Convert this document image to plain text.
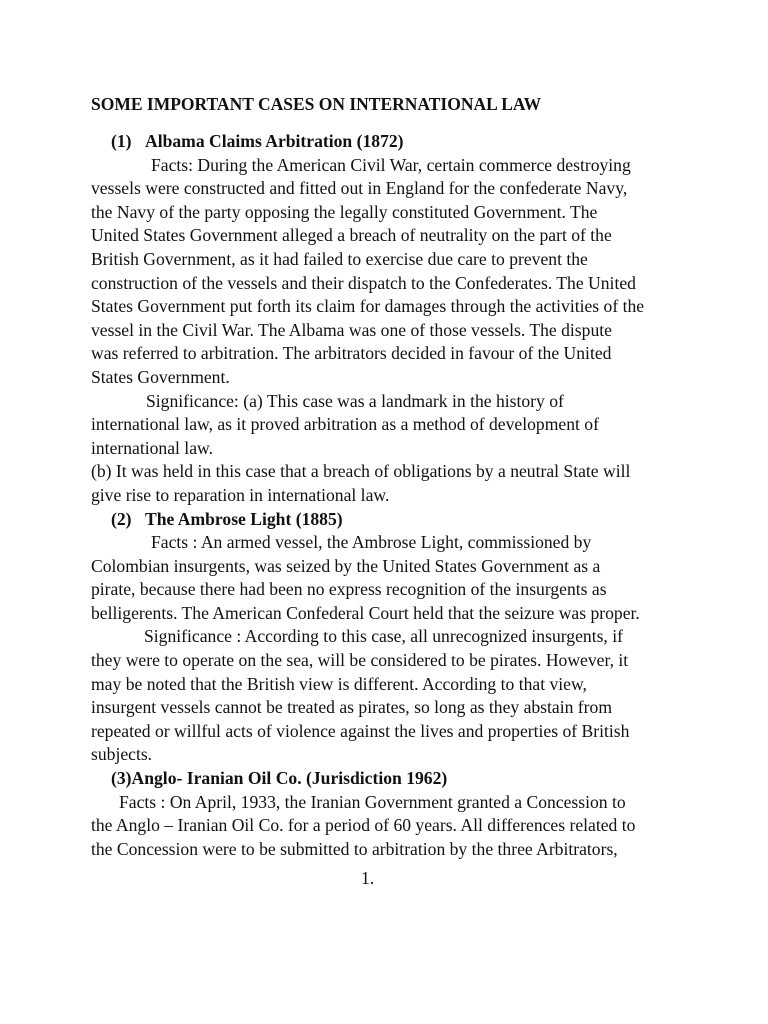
SOME IMPORTANT CASES ON INTERNATIONAL LAW

(1) Albama Claims Arbitration (1872)

Facts: During the American Civil War, certain commerce destroying
vessels were constructed and fitted out in England for the confederate Navy,
the Navy of the party opposing the legally constituted Government. The
United States Government alleged a breach of neutrality on the part of the
British Government, as it had failed to exercise due care to prevent the
construction of the vessels and their dispatch to the Confederates. The United
States Government put forth its claim for damages through the activities of the
vessel in the Civil War. The Albama was one of those vessels. The dispute
was referred to arbitration. The arbitrators decided in favour of the United
States Government.

Significance: (a) This case was a landmark in the history of
international law, as it proved arbitration as a method of development of
international law.

(b) It was held in this case that a breach of obligations by a neutral State will
give rise to reparation in international law.

(2) The Ambrose Light (1885)

Facts : An armed vessel, the Ambrose Light, commissioned by
Colombian insurgents, was seized by the United States Government as a
pirate, because there had been no express recognition of the insurgents as
belligerents. The American Confederal Court held that the seizure was proper.

Significance : According to this case, all unrecognized insurgents, if
they were to operate on the sea, will be considered to be pirates. However, it
may be noted that the British view is different. According to that view,
insurgent vessels cannot be treated as pirates, so long as they abstain from
repeated or willful acts of violence against the lives and properties of British
subjects.

(3)Anglo- Iranian Oil Co. (Jurisdiction 1962)

Facts : On April, 1933, the Iranian Government granted a Concession to
the Anglo – Iranian Oil Co. for a period of 60 years. All differences related to
the Concession were to be submitted to arbitration by the three Arbitrators,

1.
